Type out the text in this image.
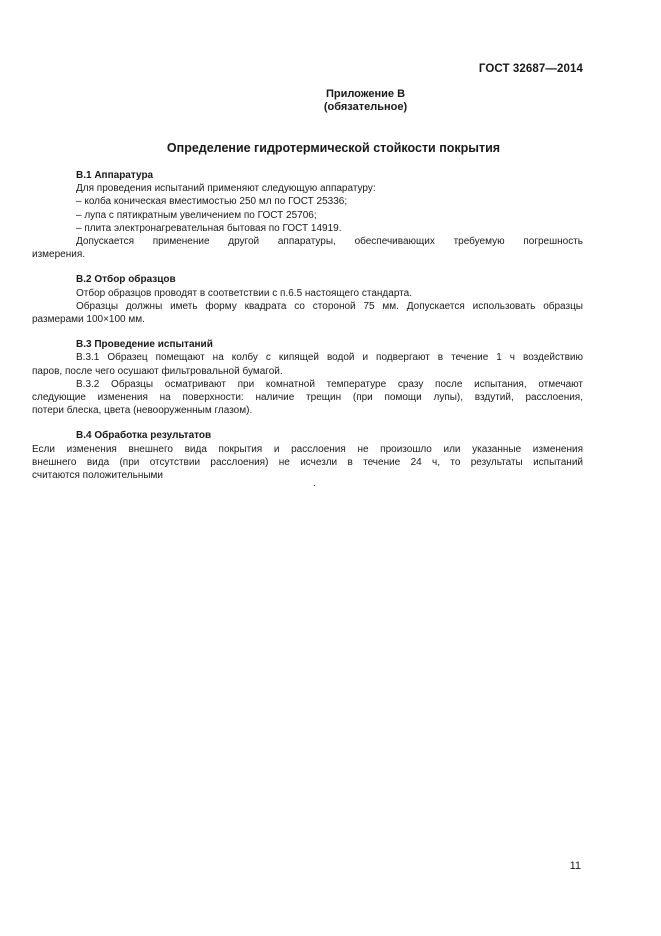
ГОСТ 32687—2014
Приложение В
(обязательное)
Определение гидротермической стойкости покрытия
В.1 Аппаратура
Для проведения испытаний применяют следующую аппаратуру:
– колба коническая вместимостью 250 мл по ГОСТ 25336;
– лупа с пятикратным увеличением по ГОСТ 25706;
– плита электронагревательная бытовая по ГОСТ 14919.
Допускается применение другой аппаратуры, обеспечивающих требуемую погрешность
измерения.
В.2 Отбор образцов
Отбор образцов проводят в соответствии с п.6.5 настоящего стандарта.
Образцы должны иметь форму квадрата со стороной 75 мм. Допускается использовать образцы
размерами 100×100 мм.
В.3 Проведение испытаний
В.3.1 Образец помещают на колбу с кипящей водой и подвергают в течение 1 ч воздействию
паров, после чего осушают фильтровальной бумагой.
В.3.2 Образцы осматривают при комнатной температуре сразу после испытания, отмечают
следующие изменения на поверхности: наличие трещин (при помощи лупы), вздутий, расслоения,
потери блеска, цвета (невооруженным глазом).
В.4 Обработка результатов
Если изменения внешнего вида покрытия и расслоения не произошло или указанные изменения
внешнего вида (при отсутствии расслоения) не исчезли в течение 24 ч, то результаты испытаний
считаются положительными
.
11
